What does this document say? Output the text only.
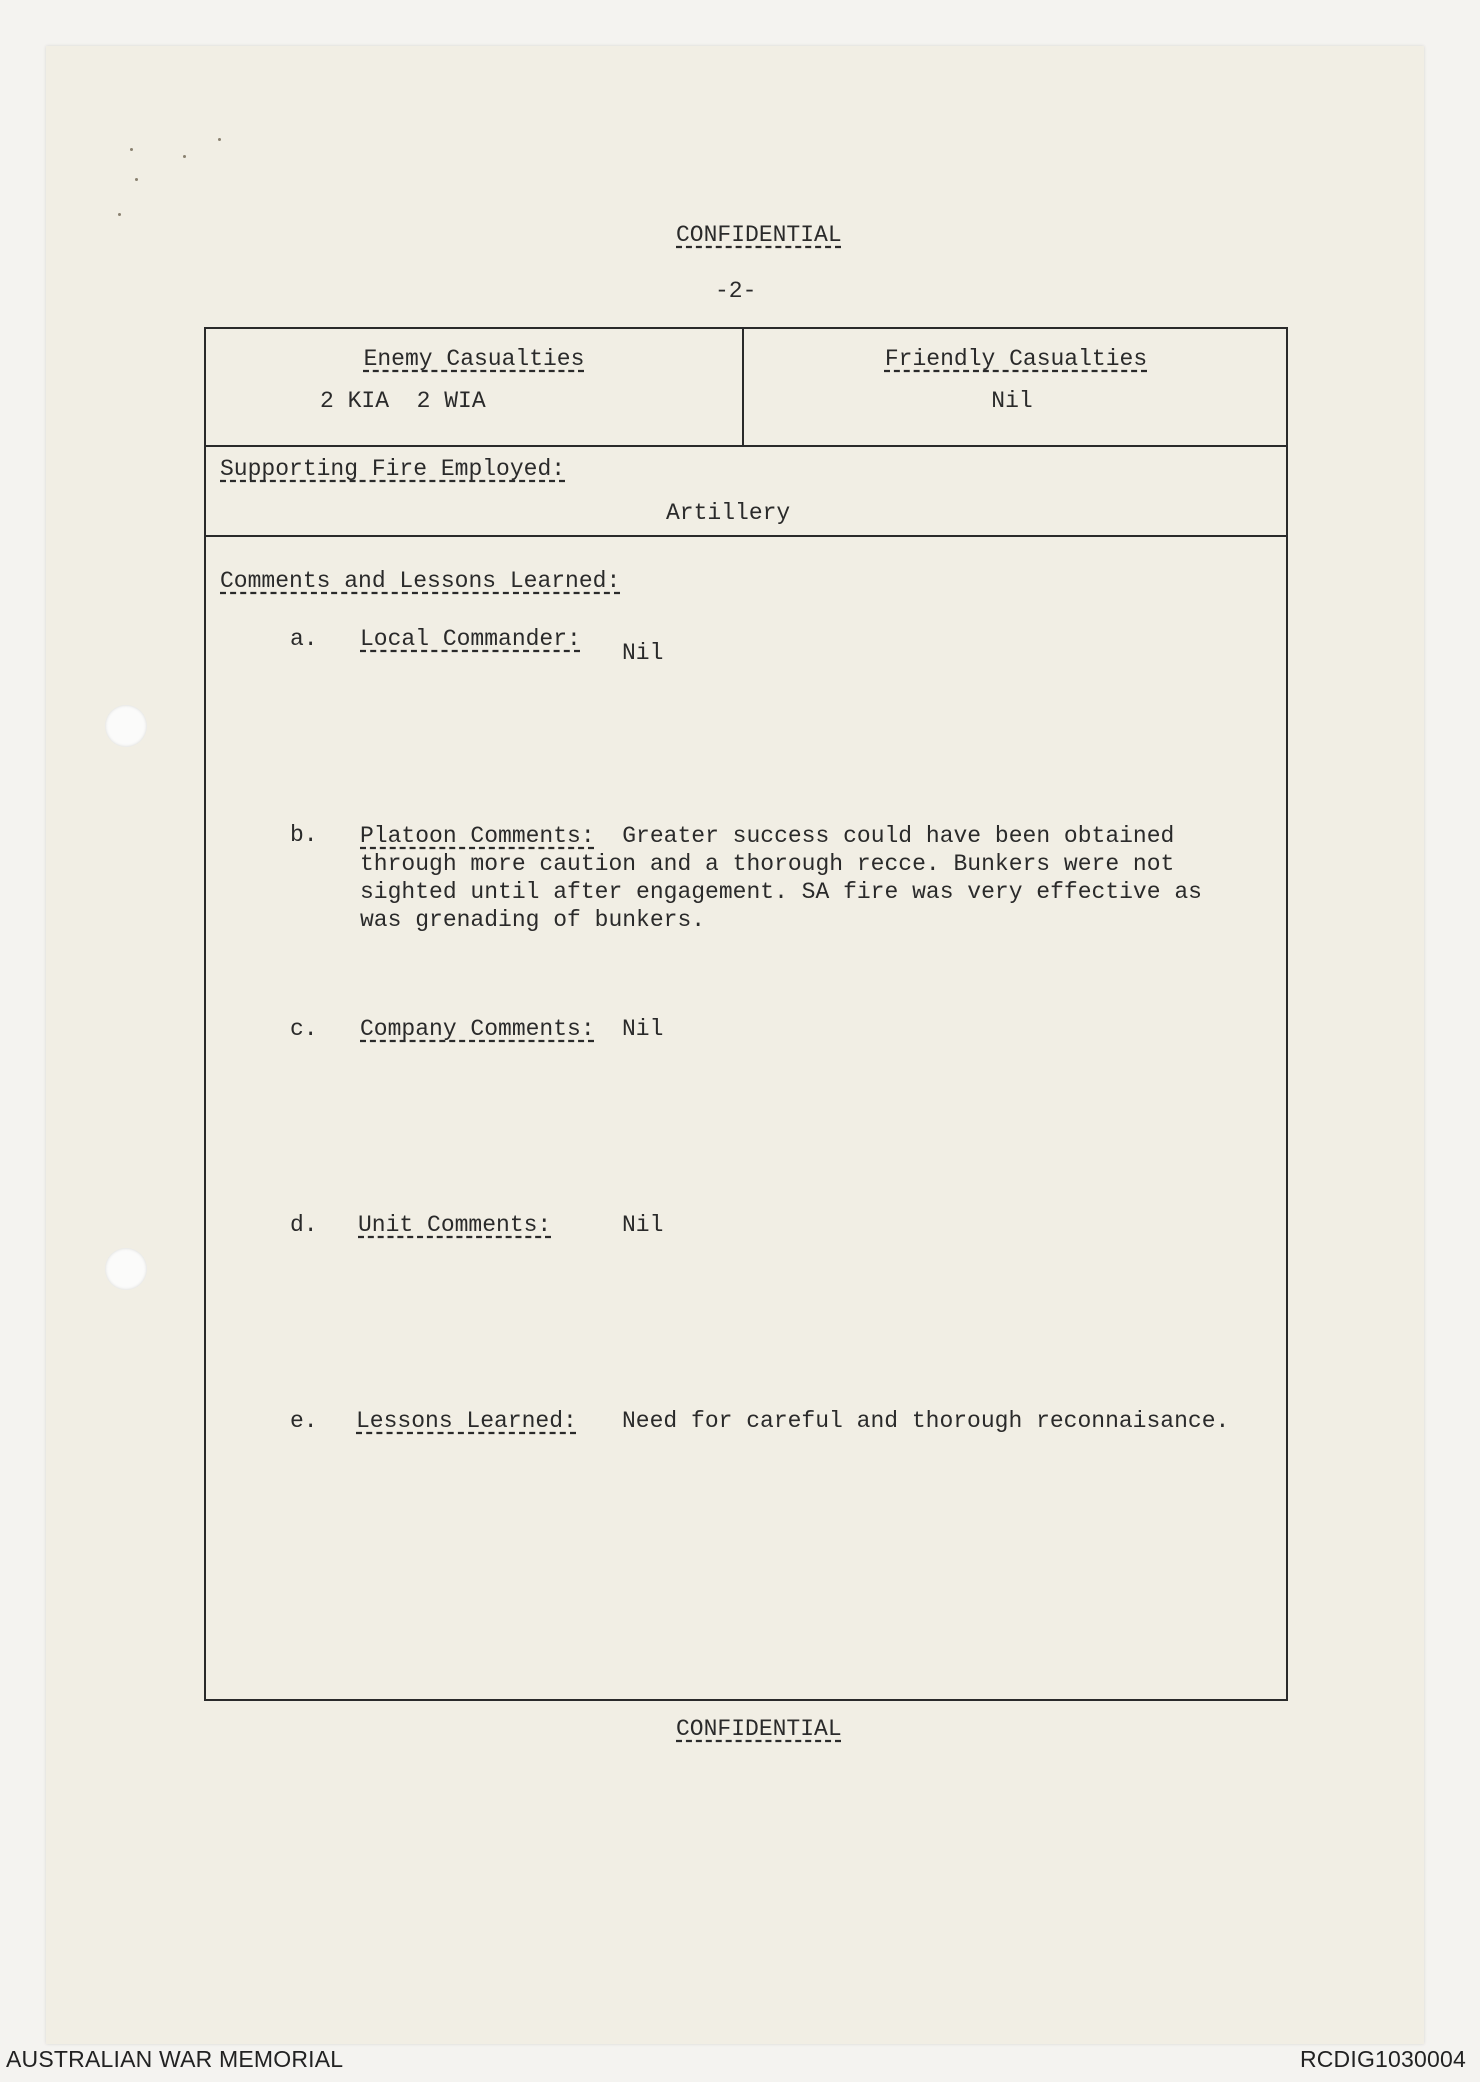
CONFIDENTIAL
-2-
Enemy Casualties
2 KIA  2 WIA
Friendly Casualties
Nil
Supporting Fire Employed:
Artillery
Comments and Lessons Learned:
a. Local Commander:
Nil
b. Platoon Comments: Greater success could have been obtained through more caution and a thorough recce. Bunkers were not sighted until after engagement. SA fire was very effective as was grenading of bunkers.
c. Company Comments: Nil
d. Unit Comments:	Nil
e. Lessons Learned: Need for careful and thorough reconnaisance.
CONFIDENTIAL
AUSTRALIAN WAR MEMORIAL	RCDIG1030004
